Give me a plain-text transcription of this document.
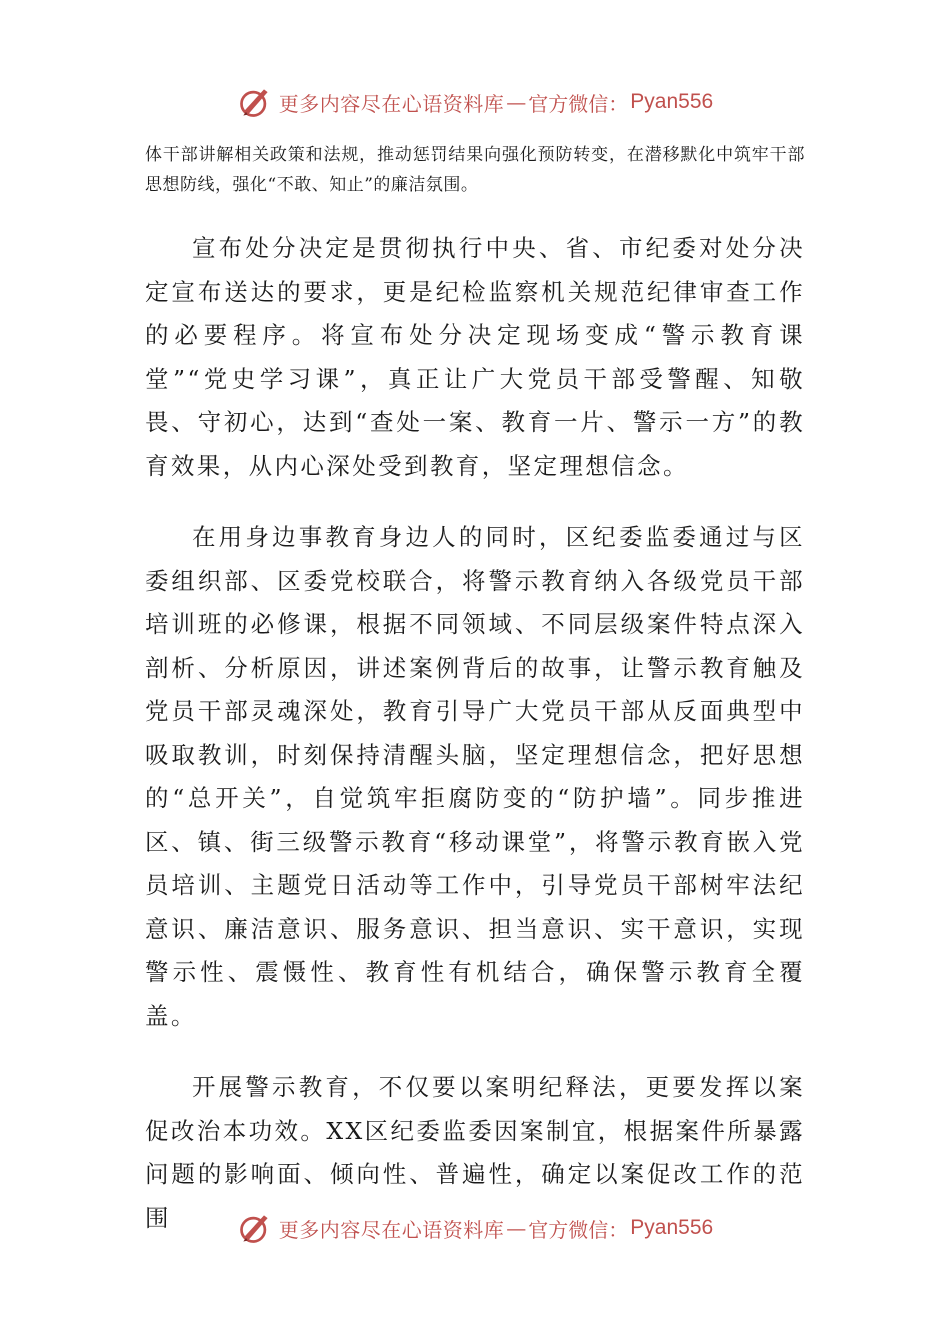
更多内容尽在心语资料库 — 官方微信： Pyan556

体干部讲解相关政策和法规，推动惩罚结果向强化预防转变，在潜移默化中筑牢干部思想防线，强化“不敢、知止”的廉洁氛围。

宣布处分决定是贯彻执行中央、省、市纪委对处分决定宣布送达的要求，更是纪检监察机关规范纪律审查工作的必要程序。将宣布处分决定现场变成“警示教育课堂”“党史学习课”，真正让广大党员干部受警醒、知敬畏、守初心，达到“查处一案、教育一片、警示一方”的教育效果，从内心深处受到教育，坚定理想信念。

在用身边事教育身边人的同时，区纪委监委通过与区委组织部、区委党校联合，将警示教育纳入各级党员干部培训班的必修课，根据不同领域、不同层级案件特点深入剖析、分析原因，讲述案例背后的故事，让警示教育触及党员干部灵魂深处，教育引导广大党员干部从反面典型中吸取教训，时刻保持清醒头脑，坚定理想信念，把好思想的“总开关”，自觉筑牢拒腐防变的“防护墙”。同步推进区、镇、街三级警示教育“移动课堂”，将警示教育嵌入党员培训、主题党日活动等工作中，引导党员干部树牢法纪意识、廉洁意识、服务意识、担当意识、实干意识，实现警示性、震慑性、教育性有机结合，确保警示教育全覆盖。

开展警示教育，不仅要以案明纪释法，更要发挥以案促改治本功效。XX区纪委监委因案制宜，根据案件所暴露问题的影响面、倾向性、普遍性，确定以案促改工作的范围	更多内容尽在心语资料库 — 官方微信： Pyan556
